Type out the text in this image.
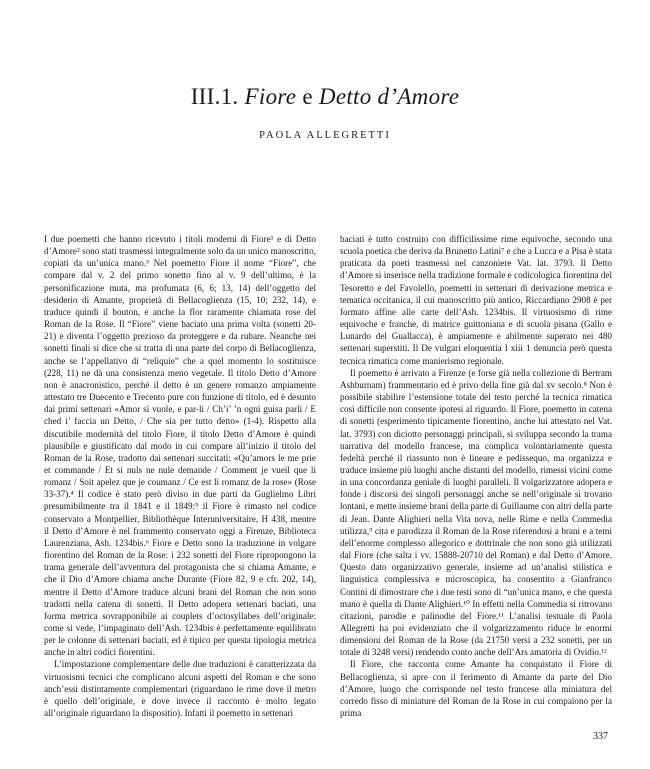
III.1. Fiore e Detto d’Amore
PAOLA ALLEGRETTI

I due poemetti che hanno ricevuto i titoli moderni di Fiore¹ e di Detto d’Amore² sono stati trasmessi integralmente solo da un unico manoscritto, copiati da un’unica mano.³ Nel poemetto Fiore il nome “Fiore”, che compare dal v. 2 del primo sonetto fino al v. 9 dell’ultimo, è la personificazione muta, ma profumata (6, 6; 13, 14) dell’oggetto del desiderio di Amante, proprietà di Bellacoglienza (15, 10; 232, 14), e traduce quindi il bouton, e anche la flor raramente chiamata rose del Roman de la Rose. Il “Fiore” viene baciato una prima volta (sonetti 20-21) e diventa l’oggetto prezioso da proteggere e da rubare. Neanche nei sonetti finali si dice che si tratta di una parte del corpo di Bellacoglienza, anche se l’appellativo di “reliquie” che a quel momento lo sostituisce (228, 11) ne dà una consistenza meno vegetale. Il titolo Detto d’Amore non è anacronistico, perché il detto è un genere romanzo ampiamente attestato tre Duecento e Trecento pure con funzione di titolo, ed è desunto dai primi settenari «Amor sì vuole, e par-li / Ch’i’ ’n ogni guisa parli / E ched i’ faccia un Detto, / Che sia per tutto detto» (1-4). Rispetto alla discutibile modernità del titolo Fiore, il titolo Detto d’Amore è quindi plausibile e giustificato dal modo in cui compare all’inizio il titolo del Roman de la Rose, tradotto dai settenari succitati: «Qu’amors le me prie et commande / Et si nuls ne nule demande / Comment je vueil que li romanz / Soit apelez que je coumanz / Ce est li romanz de la rose» (Rose 33-37).⁴ Il codice è stato però diviso in due parti da Guglielmo Libri presumibilmente tra il 1841 e il 1849:⁵ il Fiore è rimasto nel codice conservato a Montpellier, Bibliothèque Interuniversitaire, H 438, mentre il Detto d’Amore è nel frammento conservato oggi a Firenze, Biblioteca Laurenziana, Ash. 1234bis.⁶ Fiore e Detto sono la traduzione in volgare fiorentino del Roman de la Rose: i 232 sonetti del Fiore ripropongono la trama generale dell’avventura del protagonista che si chiama Amante, e che il Dio d’Amore chiama anche Durante (Fiore 82, 9 e cfr. 202, 14), mentre il Detto d’Amore traduce alcuni brani del Roman che non sono tradotti nella catena di sonetti. Il Detto adopera settenari baciati, una forma metrica sovrapponibile ai couplets d’octosyllabes dell’originale: come si vede, l’impaginato dell’Ash. 1234bis è perfettamente equilibrato per le colonne di settenari baciati, ed è tipico per questa tipologia metrica anche in altri codici fiorentini.

L’impostazione complementare delle due traduzioni è caratterizzata da virtuosismi tecnici che complicano alcuni aspetti del Roman e che sono anch’essi distintamente complementari (riguardano le rime dove il metro è quello dell’originale, e dove invece il racconto è molto legato all’originale riguardano la dispositio). Infatti il poemetto in settenari

baciati è tutto costruito con difficilissime rime equivoche, secondo una scuola poetica che deriva da Brunetto Latini⁷ e che a Lucca e a Pisa è stata praticata da poeti trasmessi nel canzoniere Vat. lat. 3793. Il Detto d’Amore si inserisce nella tradizione formale e codicologica fiorentina del Tesoretto e del Favolello, poemetti in settenari di derivazione metrica e tematica occitanica, il cui manoscritto più antico, Riccardiano 2908 è per formato affine alle carte dell’Ash. 1234bis. Il virtuosismo di rime equivoche e franche, di matrice guittoniana e di scuola pisana (Gallo e Lunardo del Guallacca), è ampiamente e abilmente superato nei 480 settenari superstiti. Il De vulgari eloquentia I xiii 1 denuncia però questa tecnica rimatica come manierismo regionale.

Il poemetto è arrivato a Firenze (e forse già nella collezione di Bertram Ashburnam) frammentario ed è privo della fine già dal xv secolo.⁸ Non è possibile stabilire l’estensione totale del testo perché la tecnica rimatica così difficile non consente ipotesi al riguardo. Il Fiore, poemetto in catena di sonetti (esperimento tipicamente fiorentino, anche lui attestato nel Vat. lat. 3793) con diciotto personaggi principali, si sviluppa secondo la trama narrativa del modello francese, ma complica volontariamente questa fedeltà perché il riassunto non è lineare e pedissequo, ma organizza e traduce insieme più luoghi anche distanti del modello, rimessi vicini come in una concordanza geniale di luoghi paralleli. Il volgarizzatore adopera e fonde i discorsi dei singoli personaggi anche se nell’originale si trovano lontani, e mette insieme brani della parte di Guillaume con altri della parte di Jean. Dante Alighieri nella Vita nova, nelle Rime e nella Commedia utilizza,⁹ cita e parodizza il Roman de la Rose riferendosi a brani e a temi dell’enorme complesso allegorico e dottrinale che non sono già utilizzati dal Fiore (che salta i vv. 15888-20710 del Roman) e dal Detto d’Amore. Questo dato organizzativo generale, insieme ad un’analisi stilistica e linguistica complessiva e microscopica, ha consentito a Gianfranco Contini di dimostrare che i due testi sono di “un’unica mano, e che questa mano è quella di Dante Alighieri.¹⁰ In effetti nella Commedia si ritrovano citazioni, parodie e palinodie del Fiore.¹¹ L’analisi testuale di Paola Allegretti ha poi evidenziato che il volgarizzamento riduce le enormi dimensioni del Roman de la Rose (da 21750 versi a 232 sonetti, per un totale di 3248 versi) rendendo conto anche dell’Ars amatoria di Ovidio.¹²

Il Fiore, che racconta come Amante ha conquistato il Fiore di Bellacoglienza, si apre con il ferimento di Amante da parte del Dio d’Amore, luogo che corrisponde nel testo francese alla miniatura del corredo fisso di miniature del Roman de la Rose in cui compaiono per la prima

337
